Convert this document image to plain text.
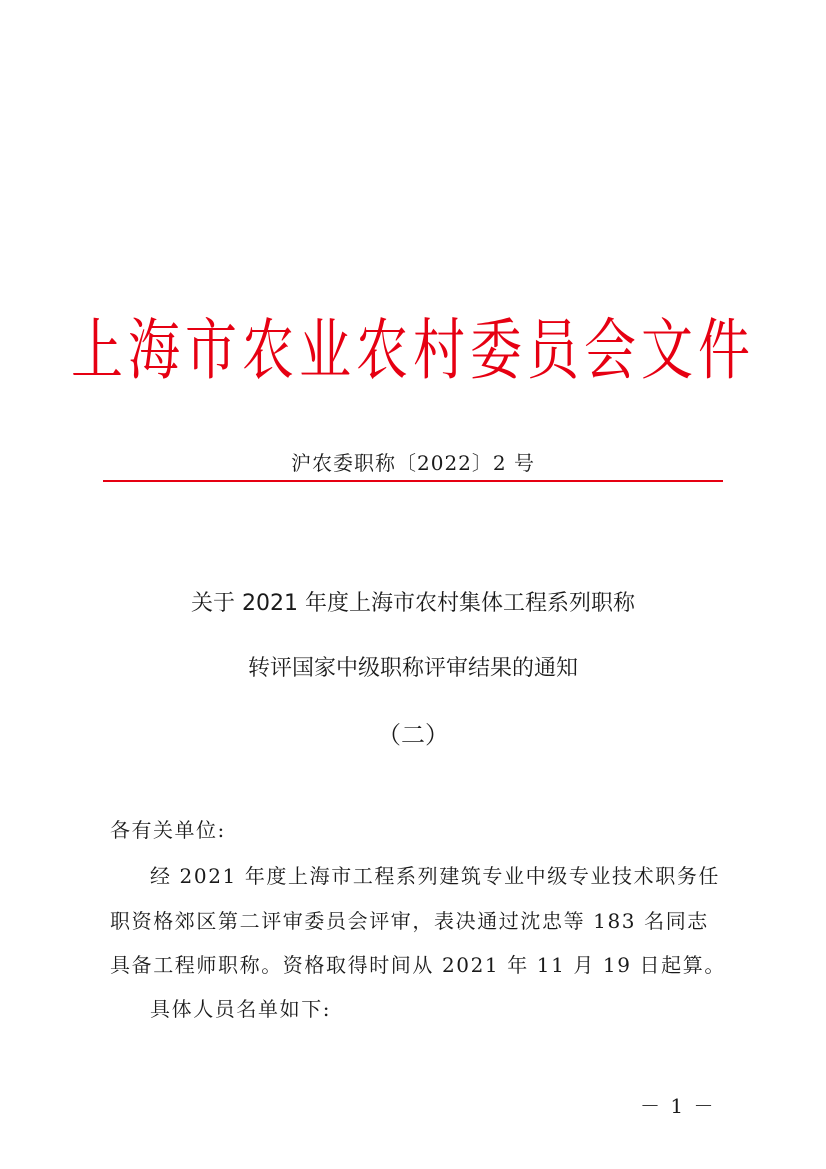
上海市农业农村委员会文件
沪农委职称〔2022〕2 号
关于 2021 年度上海市农村集体工程系列职称
转评国家中级职称评审结果的通知
（二）
各有关单位:
经 2021 年度上海市工程系列建筑专业中级专业技术职务任
职资格郊区第二评审委员会评审，表决通过沈忠等 183 名同志
具备工程师职称。资格取得时间从 2021 年 11 月 19 日起算。
具体人员名单如下:
－ 1 －
